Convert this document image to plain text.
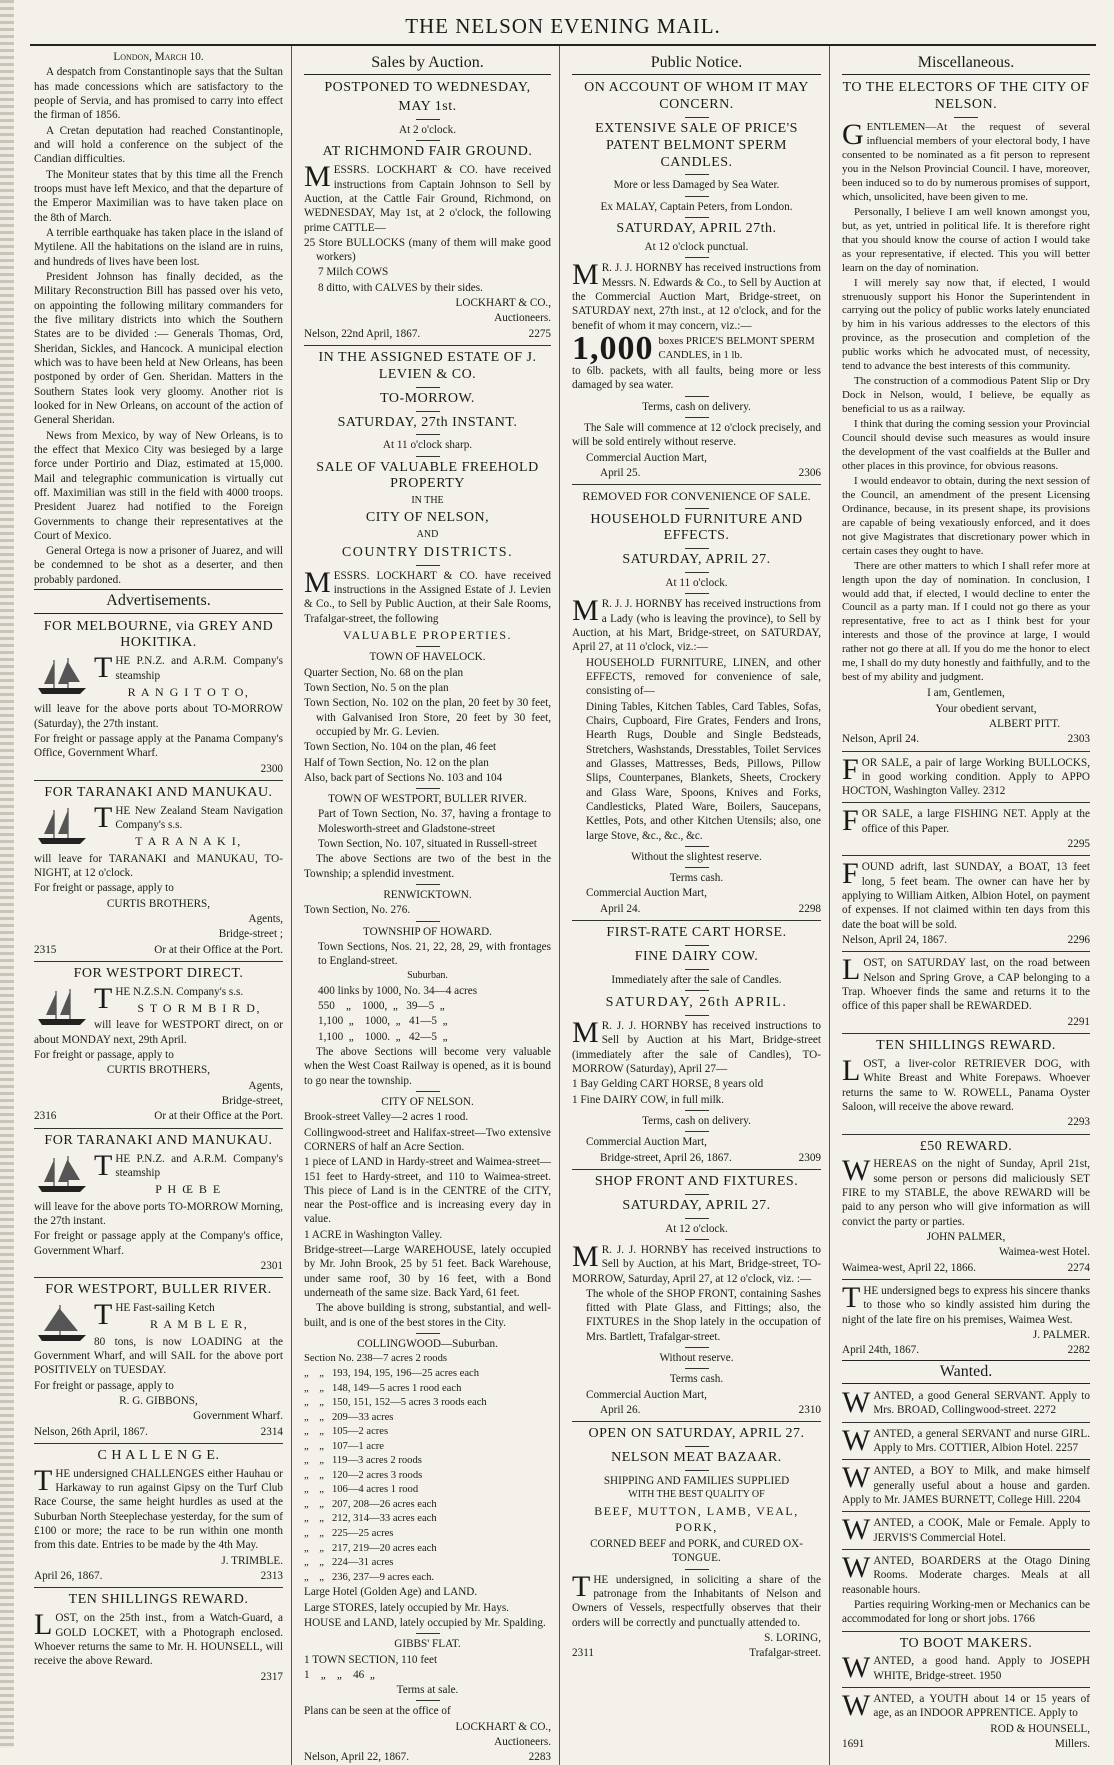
THE NELSON EVENING MAIL.

London, March 10.

A despatch from Constantinople says that the Sultan has made concessions which are satisfactory to the people of Servia, and has promised to carry into effect the firman of 1856.

A Cretan deputation had reached Constantinople, and will hold a conference on the subject of the Candian difficulties.

The Moniteur states that by this time all the French troops must have left Mexico, and that the departure of the Emperor Maximilian was to have taken place on the 8th of March.

A terrible earthquake has taken place in the island of Mytilene. All the habitations on the island are in ruins, and hundreds of lives have been lost.

President Johnson has finally decided, as the Military Reconstruction Bill has passed over his veto, on appointing the following military commanders for the five military districts into which the Southern States are to be divided :— Generals Thomas, Ord, Sheridan, Sickles, and Hancock. A municipal election which was to have been held at New Orleans, has been postponed by order of Gen. Sheridan. Matters in the Southern States look very gloomy. Another riot is looked for in New Orleans, on account of the action of General Sheridan.

News from Mexico, by way of New Orleans, is to the effect that Mexico City was besieged by a large force under Portirio and Diaz, estimated at 15,000. Mail and telegraphic communication is virtually cut off. Maximilian was still in the field with 4000 troops. President Juarez had notified to the Foreign Governments to change their representatives at the Court of Mexico.

General Ortega is now a prisoner of Juarez, and will be condemned to be shot as a deserter, and then probably pardoned.

Advertisements.
FOR MELBOURNE, via GREY AND HOKITIKA.

THE P.N.Z. and A.R.M. Company's steamship

R A N G I T O T O,

will leave for the above ports about TO-MORROW (Saturday), the 27th instant.

For freight or passage apply at the Panama Company's Office, Government Wharf.

2300

FOR TARANAKI AND MANUKAU.

THE New Zealand Steam Navigation Company's s.s.

T A R A N A K I,

will leave for TARANAKI and MANUKAU, TO-NIGHT, at 12 o'clock.

For freight or passage, apply to

CURTIS BROTHERS,

Agents,

Bridge-street ;

2315	Or at their Office at the Port.
FOR WESTPORT DIRECT.

THE N.Z.S.N. Company's s.s.

S T O R M B I R D,

will leave for WESTPORT direct, on or about MONDAY next, 29th April.

For freight or passage, apply to

CURTIS BROTHERS,

Agents,

Bridge-street,

2316	Or at their Office at the Port.
FOR TARANAKI AND MANUKAU.

THE P.N.Z. and A.R.M. Company's steamship

P H Œ B E

will leave for the above ports TO-MORROW Morning, the 27th instant.

For freight or passage apply at the Company's office, Government Wharf.

2301

FOR WESTPORT, BULLER RIVER.

THE Fast-sailing Ketch

R A M B L E R,

80 tons, is now LOADING at the Government Wharf, and will SAIL for the above port POSITIVELY on TUESDAY.

For freight or passage, apply to

R. G. GIBBONS,

Government Wharf.

Nelson, 26th April, 1867.	2314
C H A L L E N G E.

THE undersigned CHALLENGES either Hauhau or Harkaway to run against Gipsy on the Turf Club Race Course, the same height hurdles as used at the Suburban North Steeplechase yesterday, for the sum of £100 or more; the race to be run within one month from this date. Entries to be made by the 4th May.

J. TRIMBLE.

April 26, 1867.	2313
TEN SHILLINGS REWARD.

LOST, on the 25th inst., from a Watch-Guard, a GOLD LOCKET, with a Photograph enclosed. Whoever returns the same to Mr. H. HOUNSELL, will receive the above Reward.

2317

Sales by Auction.

POSTPONED TO WEDNESDAY,

MAY 1st.

At 2 o'clock.

AT RICHMOND FAIR GROUND.

MESSRS. LOCKHART & CO. have received instructions from Captain Johnson to Sell by Auction, at the Cattle Fair Ground, Richmond, on WEDNESDAY, May 1st, at 2 o'clock, the following prime CATTLE—

25 Store BULLOCKS (many of them will make good workers)

7 Milch COWS

8 ditto, with CALVES by their sides.

LOCKHART & CO.,

Auctioneers.

Nelson, 22nd April, 1867.	2275

IN THE ASSIGNED ESTATE OF J. LEVIEN & CO.

TO-MORROW.

SATURDAY, 27th INSTANT.

At 11 o'clock sharp.

SALE OF VALUABLE FREEHOLD PROPERTY

IN THE

CITY OF NELSON,

AND

COUNTRY DISTRICTS.

MESSRS. LOCKHART & CO. have received instructions in the Assigned Estate of J. Levien & Co., to Sell by Public Auction, at their Sale Rooms, Trafalgar-street, the following

VALUABLE PROPERTIES.

TOWN OF HAVELOCK.

Quarter Section, No. 68 on the plan

Town Section, No. 5 on the plan

Town Section, No. 102 on the plan, 20 feet by 30 feet, with Galvanised Iron Store, 20 feet by 30 feet, occupied by Mr. G. Levien.

Town Section, No. 104 on the plan, 46 feet

Half of Town Section, No. 12 on the plan

Also, back part of Sections No. 103 and 104

TOWN OF WESTPORT, BULLER RIVER.

Part of Town Section, No. 37, having a frontage to Molesworth-street and Gladstone-street

Town Section, No. 107, situated in Russell-street

The above Sections are two of the best in the Township; a splendid investment.

RENWICKTOWN.

Town Section, No. 276.

TOWNSHIP OF HOWARD.

Town Sections, Nos. 21, 22, 28, 29, with frontages to England-street.

Suburban.

400 links by 1000, No. 34—4 acres

550    „    1000,  „   39—5  „

1,100  „    1000,  „   41—5  „

1,100  „    1000.  „   42—5  „

The above Sections will become very valuable when the West Coast Railway is opened, as it is bound to go near the township.

CITY OF NELSON.

Brook-street Valley—2 acres 1 rood.

Collingwood-street and Halifax-street—Two extensive CORNERS of half an Acre Section.

1 piece of LAND in Hardy-street and Waimea-street—151 feet to Hardy-street, and 110 to Waimea-street. This piece of Land is in the CENTRE of the CITY, near the Post-office and is increasing every day in value.

1 ACRE in Washington Valley.

Bridge-street—Large WAREHOUSE, lately occupied by Mr. John Brook, 25 by 51 feet. Back Warehouse, under same roof, 30 by 16 feet, with a Bond underneath of the same size. Back Yard, 61 feet.

The above building is strong, substantial, and well-built, and is one of the best stores in the City.

COLLINGWOOD—Suburban.

Section No. 238—7 acres 2 roods

„    „   193, 194, 195, 196—25 acres each

„    „   148, 149—5 acres 1 rood each

„    „   150, 151, 152—5 acres 3 roods each

„    „   209—33 acres

„    „   105—2 acres

„    „   107—1 acre

„    „   119—3 acres 2 roods

„    „   120—2 acres 3 roods

„    „   106—4 acres 1 rood

„    „   207, 208—26 acres each

„    „   212, 314—33 acres each

„    „   225—25 acres

„    „   217, 219—20 acres each

„    „   224—31 acres

„    „   236, 237—9 acres each.

Large Hotel (Golden Age) and LAND.

Large STORES, lately occupied by Mr. Hays.

HOUSE and LAND, lately occupied by Mr. Spalding.

GIBBS' FLAT.

1 TOWN SECTION, 110 feet

1    „    „    46  „

Terms at sale.

Plans can be seen at the office of

LOCKHART & CO.,

Auctioneers.

Nelson, April 22, 1867.	2283
Public Notice.

ON ACCOUNT OF WHOM IT MAY CONCERN.

EXTENSIVE SALE OF PRICE'S PATENT BELMONT SPERM CANDLES.

More or less Damaged by Sea Water.

Ex MALAY, Captain Peters, from London.

SATURDAY, APRIL 27th.

At 12 o'clock punctual.

M R. J. J. HORNBY has received instructions from Messrs. N. Edwards & Co., to Sell by Auction at the Commercial Auction Mart, Bridge-street, on SATURDAY next, 27th inst., at 12 o'clock, and for the benefit of whom it may concern, viz.:—

1,000 boxes PRICE'S BELMONT SPERM CANDLES, in 1 lb.

to 6lb. packets, with all faults, being more or less damaged by sea water.

Terms, cash on delivery.

The Sale will commence at 12 o'clock precisely, and will be sold entirely without reserve.

Commercial Auction Mart,

April 25.	2306

REMOVED FOR CONVENIENCE OF SALE.

HOUSEHOLD FURNITURE AND EFFECTS.

SATURDAY, APRIL 27.

At 11 o'clock.

M R. J. J. HORNBY has received instructions from a Lady (who is leaving the province), to Sell by Auction, at his Mart, Bridge-street, on SATURDAY, April 27, at 11 o'clock, viz.:—

HOUSEHOLD FURNITURE, LINEN, and other EFFECTS, removed for convenience of sale, consisting of—

Dining Tables, Kitchen Tables, Card Tables, Sofas, Chairs, Cupboard, Fire Grates, Fenders and Irons, Hearth Rugs, Double and Single Bedsteads, Stretchers, Washstands, Dresstables, Toilet Services and Glasses, Mattresses, Beds, Pillows, Pillow Slips, Counterpanes, Blankets, Sheets, Crockery and Glass Ware, Spoons, Knives and Forks, Candlesticks, Plated Ware, Boilers, Saucepans, Kettles, Pots, and other Kitchen Utensils; also, one large Stove, &c., &c., &c.

Without the slightest reserve.

Terms cash.

Commercial Auction Mart,

April 24.	2298

FIRST-RATE CART HORSE.

FINE DAIRY COW.

Immediately after the sale of Candles.

SATURDAY, 26th APRIL.

M R. J. J. HORNBY has received instructions to Sell by Auction at his Mart, Bridge-street (immediately after the sale of Candles), TO-MORROW (Saturday), April 27—

1 Bay Gelding CART HORSE, 8 years old

1 Fine DAIRY COW, in full milk.

Terms, cash on delivery.

Commercial Auction Mart,

Bridge-street, April 26, 1867.	2309

SHOP FRONT AND FIXTURES.

SATURDAY, APRIL 27.

At 12 o'clock.

M R. J. J. HORNBY has received instructions to Sell by Auction, at his Mart, Bridge-street, TO-MORROW, Saturday, April 27, at 12 o'clock, viz. :—

The whole of the SHOP FRONT, containing Sashes fitted with Plate Glass, and Fittings; also, the FIXTURES in the Shop lately in the occupation of Mrs. Bartlett, Trafalgar-street.

Without reserve.

Terms cash.

Commercial Auction Mart,

April 26.	2310

OPEN ON SATURDAY, APRIL 27.

NELSON MEAT BAZAAR.

SHIPPING AND FAMILIES SUPPLIED

WITH THE BEST QUALITY OF

BEEF, MUTTON, LAMB, VEAL, PORK,

CORNED BEEF and PORK, and CURED OX-TONGUE.

THE undersigned, in soliciting a share of the patronage from the Inhabitants of Nelson and Owners of Vessels, respectfully observes that their orders will be correctly and punctually attended to.

S. LORING,

2311	Trafalgar-street.
Miscellaneous.

TO THE ELECTORS OF THE CITY OF NELSON.

GENTLEMEN—At the request of several influencial members of your electoral body, I have consented to be nominated as a fit person to represent you in the Nelson Provincial Council. I have, moreover, been induced so to do by numerous promises of support, which, unsolicited, have been given to me.

Personally, I believe I am well known amongst you, but, as yet, untried in political life. It is therefore right that you should know the course of action I would take as your representative, if elected. This you will better learn on the day of nomination.

I will merely say now that, if elected, I would strenuously support his Honor the Superintendent in carrying out the policy of public works lately enunciated by him in his various addresses to the electors of this province, as the prosecution and completion of the public works which he advocated must, of necessity, tend to advance the best interests of this community.

The construction of a commodious Patent Slip or Dry Dock in Nelson, would, I believe, be equally as beneficial to us as a railway.

I think that during the coming session your Provincial Council should devise such measures as would insure the development of the vast coalfields at the Buller and other places in this province, for obvious reasons.

I would endeavor to obtain, during the next session of the Council, an amendment of the present Licensing Ordinance, because, in its present shape, its provisions are capable of being vexatiously enforced, and it does not give Magistrates that discretionary power which in certain cases they ought to have.

There are other matters to which I shall refer more at length upon the day of nomination. In conclusion, I would add that, if elected, I would decline to enter the Council as a party man. If I could not go there as your representative, free to act as I think best for your interests and those of the province at large, I would rather not go there at all. If you do me the honor to elect me, I shall do my duty honestly and faithfully, and to the best of my ability and judgment.

I am, Gentlemen,

Your obedient servant,

ALBERT PITT.

Nelson, April 24.	2303

FOR SALE, a pair of large Working BULLOCKS, in good working condition. Apply to APPO HOCTON, Washington Valley. 2312

FOR SALE, a large FISHING NET. Apply at the office of this Paper.

2295

FOUND adrift, last SUNDAY, a BOAT, 13 feet long, 5 feet beam. The owner can have her by applying to William Aitken, Albion Hotel, on payment of expenses. If not claimed within ten days from this date the boat will be sold.

Nelson, April 24, 1867.	2296

LOST, on SATURDAY last, on the road between Nelson and Spring Grove, a CAP belonging to a Trap. Whoever finds the same and returns it to the office of this paper shall be REWARDED.

2291

TEN SHILLINGS REWARD.

LOST, a liver-color RETRIEVER DOG, with White Breast and White Forepaws. Whoever returns the same to W. ROWELL, Panama Oyster Saloon, will receive the above reward.

2293

£50 REWARD.

WHEREAS on the night of Sunday, April 21st, some person or persons did maliciously SET FIRE to my STABLE, the above REWARD will be paid to any person who will give information as will convict the party or parties.

JOHN PALMER,

Waimea-west Hotel.

Waimea-west, April 22, 1866.	2274

THE undersigned begs to express his sincere thanks to those who so kindly assisted him during the night of the late fire on his premises, Waimea West.

J. PALMER.

April 24th, 1867.	2282
Wanted.

WANTED, a good General SERVANT. Apply to Mrs. BROAD, Collingwood-street. 2272

WANTED, a general SERVANT and nurse GIRL. Apply to Mrs. COTTIER, Albion Hotel. 2257

WANTED, a BOY to Milk, and make himself generally useful about a house and garden. Apply to Mr. JAMES BURNETT, College Hill. 2204

WANTED, a COOK, Male or Female. Apply to JERVIS'S Commercial Hotel.

WANTED, BOARDERS at the Otago Dining Rooms. Moderate charges. Meals at all reasonable hours.

Parties requiring Working-men or Mechanics can be accommodated for long or short jobs. 1766

TO BOOT MAKERS.

WANTED, a good hand. Apply to JOSEPH WHITE, Bridge-street. 1950

WANTED, a YOUTH about 14 or 15 years of age, as an INDOOR APPRENTICE. Apply to

ROD & HOUNSELL,

1691	Millers.
